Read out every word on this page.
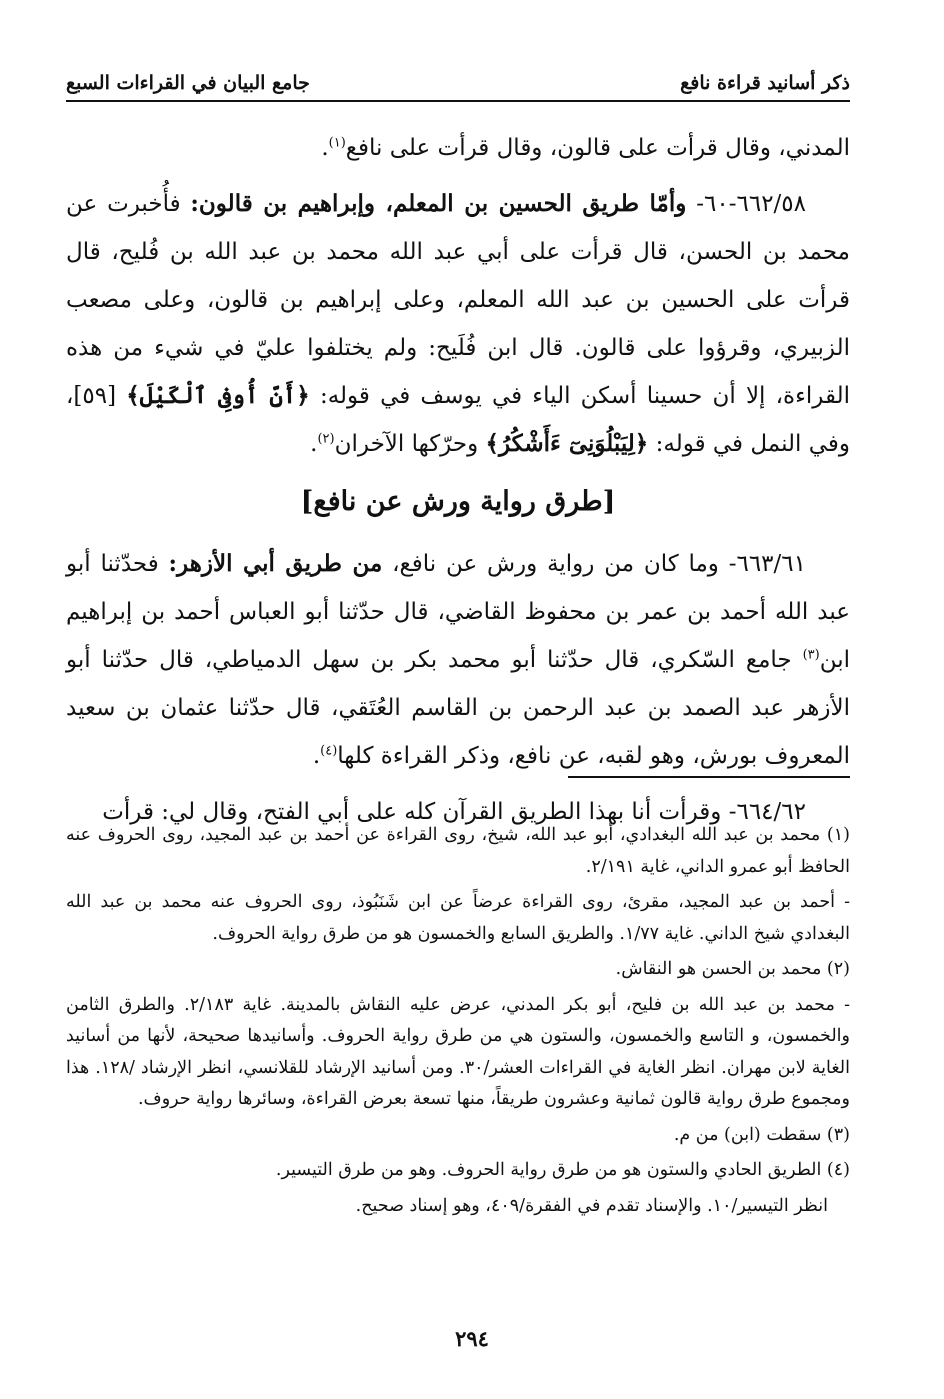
ذكر أسانيد قراءة نافع
جامع البيان في القراءات السبع

المدني، وقال قرأت على قالون، وقال قرأت على نافع$^{(١)}$.

٦٦٢/٥٨-٦٠- وأمّا طريق الحسين بن المعلم، وإبراهيم بن قالون: فأُخبرت عن محمد بن الحسن، قال قرأت على أبي عبد الله محمد بن عبد الله بن فُليح، قال قرأت على الحسين بن عبد الله المعلم، وعلى إبراهيم بن قالون، وعلى مصعب الزبيري، وقرؤوا على قالون. قال ابن فُلَيح: ولم يختلفوا عليّ في شيء من هذه القراءة، إلا أن حسينا أسكن الياء في يوسف في قوله: ﴿أَنِّ أُوفِى ٱلْكَيْلَ﴾ [٥٩]، وفي النمل في قوله: ﴿لِيَبْلُوَنِىٓ ءَأَشْكُرُ﴾ وحرّكها الآخران$^{(٢)}$.

[طرق رواية ورش عن نافع]

٦٦٣/٦١- وما كان من رواية ورش عن نافع، من طريق أبي الأزهر: فحدّثنا أبو عبد الله أحمد بن عمر بن محفوظ القاضي، قال حدّثنا أبو العباس أحمد بن إبراهيم ابن$^{(٣)}$ جامع السّكري، قال حدّثنا أبو محمد بكر بن سهل الدمياطي، قال حدّثنا أبو الأزهر عبد الصمد بن عبد الرحمن بن القاسم العُتَقي، قال حدّثنا عثمان بن سعيد المعروف بورش، وهو لقبه، عن نافع، وذكر القراءة كلها$^{(٤)}$.

٦٦٤/٦٢- وقرأت أنا بهذا الطريق القرآن كله على أبي الفتح، وقال لي: قرأت

(١) محمد بن عبد الله البغدادي، أبو عبد الله، شيخ، روى القراءة عن أحمد بن عبد المجيد، روى الحروف عنه الحافظ أبو عمرو الداني، غاية ٢/١٩١.

- أحمد بن عبد المجيد، مقرئ، روى القراءة عرضاً عن ابن شَنَبُوذ، روى الحروف عنه محمد بن عبد الله البغدادي شيخ الداني. غاية ١/٧٧. والطريق السابع والخمسون هو من طرق رواية الحروف.

(٢) محمد بن الحسن هو النقاش.

- محمد بن عبد الله بن فليح، أبو بكر المدني، عرض عليه النقاش بالمدينة. غاية ٢/١٨٣. والطرق الثامن والخمسون، و التاسع والخمسون، والستون هي من طرق رواية الحروف. وأسانيدها صحيحة، لأنها من أسانيد الغاية لابن مهران. انظر الغاية في القراءات العشر/٣٠. ومن أسانيد الإرشاد للقلانسي، انظر الإرشاد /١٢٨. هذا ومجموع طرق رواية قالون ثمانية وعشرون طريقاً، منها تسعة بعرض القراءة، وسائرها رواية حروف.

(٣) سقطت (ابن) من م.

(٤) الطريق الحادي والستون هو من طرق رواية الحروف. وهو من طرق التيسير.

انظر التيسير/١٠. والإسناد تقدم في الفقرة/٤٠٩، وهو إسناد صحيح.

٢٩٤
